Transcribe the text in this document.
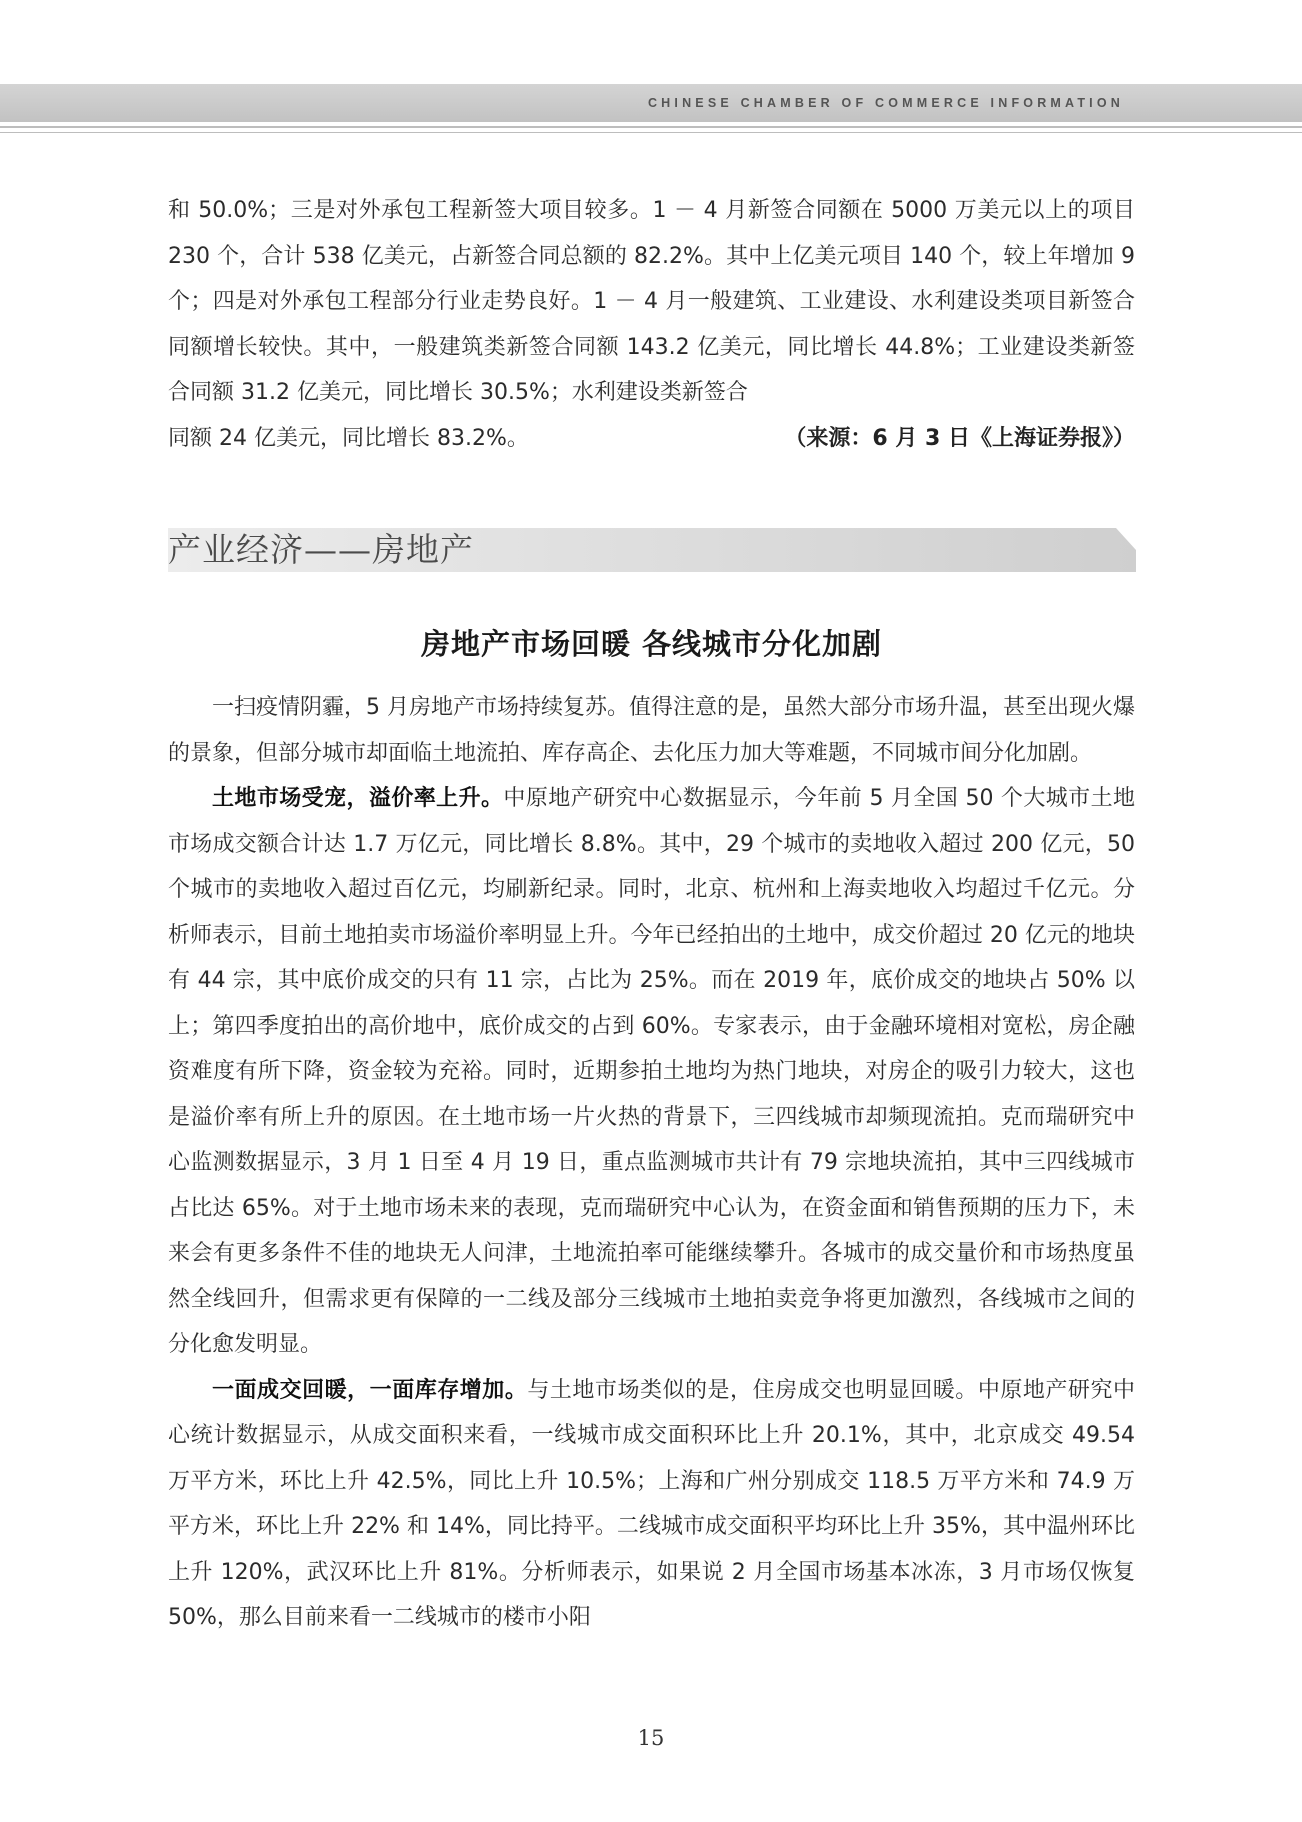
CHINESE CHAMBER OF COMMERCE INFORMATION

和 50.0%；三是对外承包工程新签大项目较多。1 － 4 月新签合同额在 5000 万美元以上的项目 230 个，合计 538 亿美元，占新签合同总额的 82.2%。其中上亿美元项目 140 个，较上年增加 9 个；四是对外承包工程部分行业走势良好。1 － 4 月一般建筑、工业建设、水利建设类项目新签合同额增长较快。其中，一般建筑类新签合同额 143.2 亿美元，同比增长 44.8%；工业建设类新签合同额 31.2 亿美元，同比增长 30.5%；水利建设类新签合

同额 24 亿美元，同比增长 83.2%。	（来源：6 月 3 日《上海证券报》）
产业经济——房地产
房地产市场回暖 各线城市分化加剧

一扫疫情阴霾，5 月房地产市场持续复苏。值得注意的是，虽然大部分市场升温，甚至出现火爆的景象，但部分城市却面临土地流拍、库存高企、去化压力加大等难题，不同城市间分化加剧。

土地市场受宠，溢价率上升。中原地产研究中心数据显示，今年前 5 月全国 50 个大城市土地市场成交额合计达 1.7 万亿元，同比增长 8.8%。其中，29 个城市的卖地收入超过 200 亿元，50 个城市的卖地收入超过百亿元，均刷新纪录。同时，北京、杭州和上海卖地收入均超过千亿元。分析师表示，目前土地拍卖市场溢价率明显上升。今年已经拍出的土地中，成交价超过 20 亿元的地块有 44 宗，其中底价成交的只有 11 宗，占比为 25%。而在 2019 年，底价成交的地块占 50% 以上；第四季度拍出的高价地中，底价成交的占到 60%。专家表示，由于金融环境相对宽松，房企融资难度有所下降，资金较为充裕。同时，近期参拍土地均为热门地块，对房企的吸引力较大，这也是溢价率有所上升的原因。在土地市场一片火热的背景下，三四线城市却频现流拍。克而瑞研究中心监测数据显示，3 月 1 日至 4 月 19 日，重点监测城市共计有 79 宗地块流拍，其中三四线城市占比达 65%。对于土地市场未来的表现，克而瑞研究中心认为，在资金面和销售预期的压力下，未来会有更多条件不佳的地块无人问津，土地流拍率可能继续攀升。各城市的成交量价和市场热度虽然全线回升，但需求更有保障的一二线及部分三线城市土地拍卖竞争将更加激烈，各线城市之间的分化愈发明显。

一面成交回暖，一面库存增加。与土地市场类似的是，住房成交也明显回暖。中原地产研究中心统计数据显示，从成交面积来看，一线城市成交面积环比上升 20.1%，其中，北京成交 49.54 万平方米，环比上升 42.5%，同比上升 10.5%；上海和广州分别成交 118.5 万平方米和 74.9 万平方米，环比上升 22% 和 14%，同比持平。二线城市成交面积平均环比上升 35%，其中温州环比上升 120%，武汉环比上升 81%。分析师表示，如果说 2 月全国市场基本冰冻，3 月市场仅恢复 50%，那么目前来看一二线城市的楼市小阳

15
